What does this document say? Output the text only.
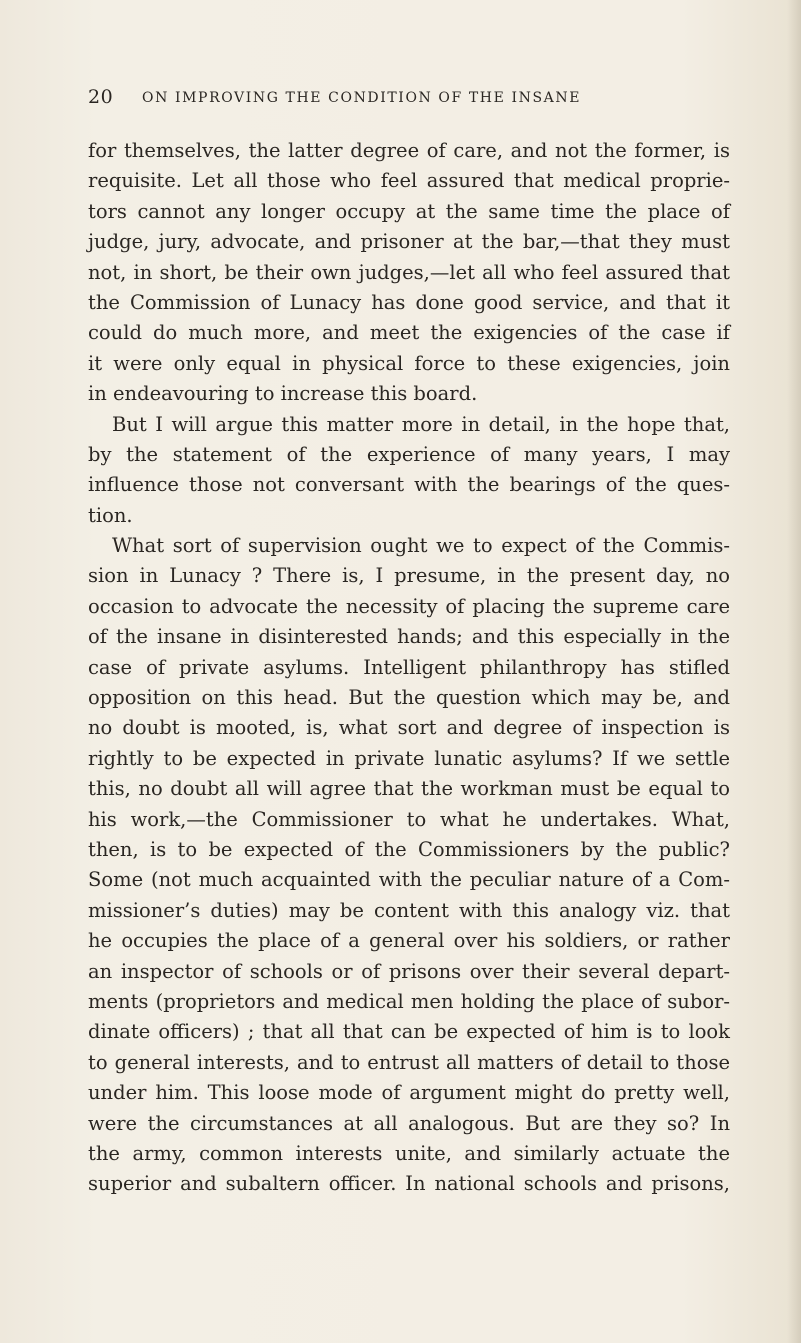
20 ON IMPROVING THE CONDITION OF THE INSANE
for themselves, the latter degree of care, and not the former, is
requisite. Let all those who feel assured that medical proprie-
tors cannot any longer occupy at the same time the place of
judge, jury, advocate, and prisoner at the bar,—that they must
not, in short, be their own judges,—let all who feel assured that
the Commission of Lunacy has done good service, and that it
could do much more, and meet the exigencies of the case if
it were only equal in physical force to these exigencies, join
in endeavouring to increase this board.
But I will argue this matter more in detail, in the hope that,
by the statement of the experience of many years, I may
influence those not conversant with the bearings of the ques-
tion.
What sort of supervision ought we to expect of the Commis-
sion in Lunacy ? There is, I presume, in the present day, no
occasion to advocate the necessity of placing the supreme care
of the insane in disinterested hands; and this especially in the
case of private asylums. Intelligent philanthropy has stifled
opposition on this head. But the question which may be, and
no doubt is mooted, is, what sort and degree of inspection is
rightly to be expected in private lunatic asylums? If we settle
this, no doubt all will agree that the workman must be equal to
his work,—the Commissioner to what he undertakes. What,
then, is to be expected of the Commissioners by the public?
Some (not much acquainted with the peculiar nature of a Com-
missioner’s duties) may be content with this analogy viz. that
he occupies the place of a general over his soldiers, or rather
an inspector of schools or of prisons over their several depart-
ments (proprietors and medical men holding the place of subor-
dinate officers) ; that all that can be expected of him is to look
to general interests, and to entrust all matters of detail to those
under him. This loose mode of argument might do pretty well,
were the circumstances at all analogous. But are they so? In
the army, common interests unite, and similarly actuate the
superior and subaltern officer. In national schools and prisons,
